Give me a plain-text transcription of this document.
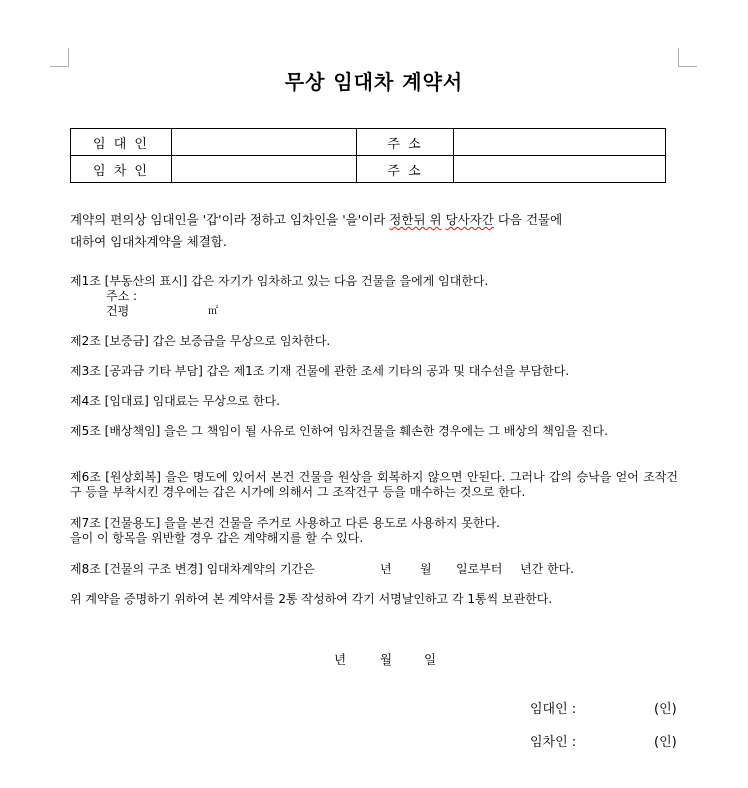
무상 임대차 계약서
임 대 인		주 소	
임 차 인		주 소	
계약의 편의상 임대인을 '갑'이라 정하고 임차인을 '을'이라 정한뒤 위 당사자간 다음 건물에
대하여 임대차계약을 체결함.
제1조 [부동산의 표시] 갑은 자기가 임차하고 있는 다음 건물을 을에게 임대한다.
주소 :
건평	㎡
제2조 [보증금] 갑은 보증금을 무상으로 임차한다.
제3조 [공과금 기타 부담] 갑은 제1조 기재 건물에 관한 조세 기타의 공과 및 대수선을 부담한다.
제4조 [임대료] 임대료는 무상으로 한다.
제5조 [배상책임] 을은 그 책임이 될 사유로 인하여 임차건물을 훼손한 경우에는 그 배상의 책임을 진다.
제6조 [원상회복] 을은 명도에 있어서 본건 건물을 원상을 회복하지 않으면 안된다. 그러나 갑의 승낙을 얻어 조작건구 등을 부착시킨 경우에는 갑은 시가에 의해서 그 조작건구 등을 매수하는 것으로 한다.
제7조 [건물용도] 을을 본건 건물을 주거로 사용하고 다른 용도로 사용하지 못한다.
을이 이 항목을 위반할 경우 갑은 계약해지를 할 수 있다.
제8조 [건물의 구조 변경] 임대차계약의 기간은	년 월 일로부터 년간 한다.
위 계약을 증명하기 위하여 본 계약서를 2통 작성하여 각기 서명날인하고 각 1통씩 보관한다.
년	월	일
임대인 :	(인)
임차인 :	(인)
